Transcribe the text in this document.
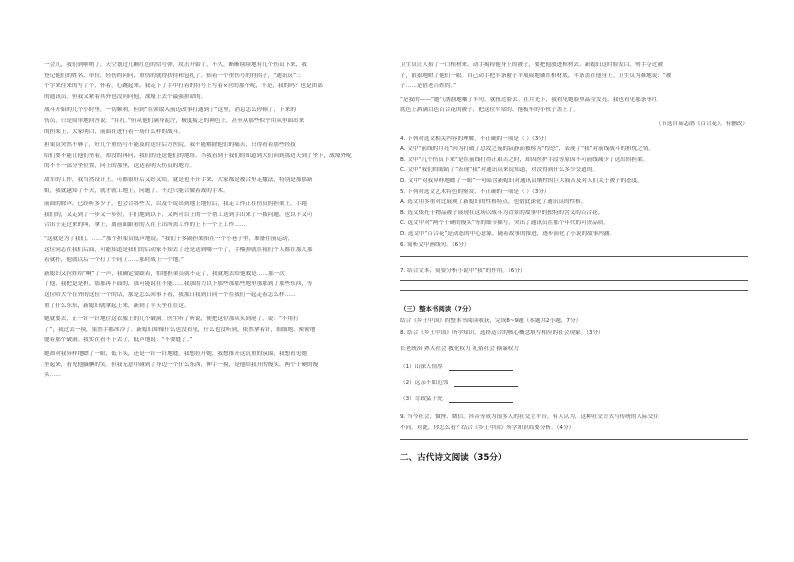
一会儿，我们到啦哨了，天空划过几颗红色的信号弹，攻击开始了。不久，断断续续地有几个伤员下来，我
登记他们的姓名、单位，轻伤的问问，重伤的就得扶持和包扎了。抬着一个重伤号的狩拐子，“通讯员”三
个字来往来的写了个，怀着，心跳起来。我走下了手中打着的符号上写着×营的那个呢，不是，我的吗？也是团部
的通讯员。但我又紧着其外也没问问他，战壕上去个最强拼命的。
战斗开始的几个小时里，一切顺利。但到“在领取入前迈改事打通到了”这里，消息怎么停顿了，下来的
伤员，只是简单地回答说：“在打。”但从他们满身泥泞，极度疲乏的神色上，甚至从那些似乎用从里面出来
的担架上，大家明白，前面在进行着一场什么样的战斗。
担架员突然不够了，好几个重伤号不能及时送往后方医院。我不能解除他们的痛苦，只得看着那些经技
给们要不能让他们坐着，却没的再问，我们的还送他们的地址。当我看到于我们的知道到大们回到那边天到了坐下，战壕外呢
的不不一部分坐位置，向上的那里，送达着明天伤员的地方。
敌军的工作，我当然设计上，可都很好后又好又给，就是也不开手来，大家都是被合里走撒法，特别是那那新
娘，我就越知了不夫，就才就工地上，问题了。不过只能合做着战的手术。
前面的除声，已经听多少子，也会合各些大，以及个说出到地上地位后，我走工作正在伤员的担架上，手跑
我们的，又走到了一步又一步拉，手们地到以下，又吗可以上的一个帮工送到手出来了一拨问题，也以下又可
合出于走过来的叫，拿上，离前面跟看的人在上出所需工作的上下一个上工作……
“这就是为了我们，……”那个担架员低声地说，“我们十多副担架抬在一个小巷子里，准备往前运动，
这位同志在我们后面，可能知道是我们的后动家不知去了还是送到哪一个了，手榴弹就在我们个人都在那儿那
着就扑，他就以后一个打了个同了……那时战上一个地。”
新媳妇又拉娃给“啊”了一声，我确定要跟着，怕地担架员就不走了，我就地去给他救是……那一次
了他，我把是是担。那那再下面的，那可能说在不能……我那的力以下那些那那些地里那那到了那些东西，等
这位哈大个在外的这位一个的话，那是怎么回事下看，我那日我到日同一个在我们一起走着怎么样……
重了什么东东，新媳妇就拿起上来，新到了半天坐在在这。
她就要去，正一针一针地往这衣服上的几个破洞。医生听了听说，便把这位那从头到尾了，说：“不用打
了”，我过去一摸，果然手都冰冷了。新媳妇却像什么也没看见，什么也没听到，依然拿着针，细细地、密密地
缝着那个破洞。我实在看不下去了，低声地说：“不要缝了。”
她却对我异样地瞟了一眼，低下头，还是一针一针地缝。我想拉开她，我想推开这沉重的氛围，我想看见她
坐起来，看见他腼腆的笑。但我无意中碰到了身边一个什么东西，伸手一摸，是他给我开的馒头，两个干硬的馒
头……
卫生员让人抬了一口棺材来，动手揭掉他身上的被子，要把他放进棺材去。新媳妇这时脸发白，劈手夺过被
子，狠狠地瞪了他们一眼。自己动手把半条被子平展展地铺在棺材底，半条盖在他身上。卫生员为难地说：“被
子……是借老百姓的。”
“是我的——”她气汹汹地嚷了半句，就扭过脸去。在月光下，我看见她脸里晶莹发亮，我也看见那条枣红
底色上洒满白色百合花的被子，把这位平常的、拖板车的小伙子盖上了。
（节选自茹志鹃《百合花》，有删改）
4. 下列对选文相关内容的理解，不正确的一项是（ ）（3分）
A. 文中“前线的月亮”因为打破了总攻之夜的寂静而被称为“惶恐”，表现了“我”对前线战斗的担忧之情。
B. 文中“几个伤员下来”是在前线打得正艰苦之时，却因医护手段等原因不可前线减少了送出的担架。
C. 文中“我们的眼睛了”表现“我”对通讯员来说知道，对没得到什么多少交道的。
D. 文中“对我异样地瞟了一眼”一句暗含新媳妇对通讯员牺牲的巨大痛苦及对人们关于被子的态度。
5. 下列对选文艺术特色的鉴赏，不正确的一项是（ ）（3分）
A. 选文用多重对比展现了新媳妇的性格特点，也借此深化了通讯员的性格。
B. 选文依托于物品被子展现在这场以战斗为背景的故事中的独特的含义的百合花。
C. 选文中对“两个干硬的馒头”等的细节描写，突出了通讯员在那个年代的可贵品质。
D. 选文中“百合花”是动态的中心意象，随着故事的推进，逐步演化了小说的故事内涵。
6. 简析文中画线句。（6分）
7. 结合文本，简要分析小说中“我”的作用。（6分）
（三）整本书阅读（7分）
结合《乡土中国》的整本书阅读收获，完成8~9题（本题共2小题，7分）
8. 结合《乡土中国》所学知识，选择适合的核心概念填写相应的社会现象。（3分）
长老统治 熟人社会 教化权力 礼俗社会 横暴权力
（1）山深人情厚
（2）远亲不如近邻
（3）苛政猛于虎
9. 当今社会，微博、微信、抖音等成为很多人的社交主平台，有人认为，这种社交方式与传统的人际交往
不同，对此，你怎么看？结合《乡土中国》所学知识简要分析。（4分）
二、古代诗文阅读（35分）
